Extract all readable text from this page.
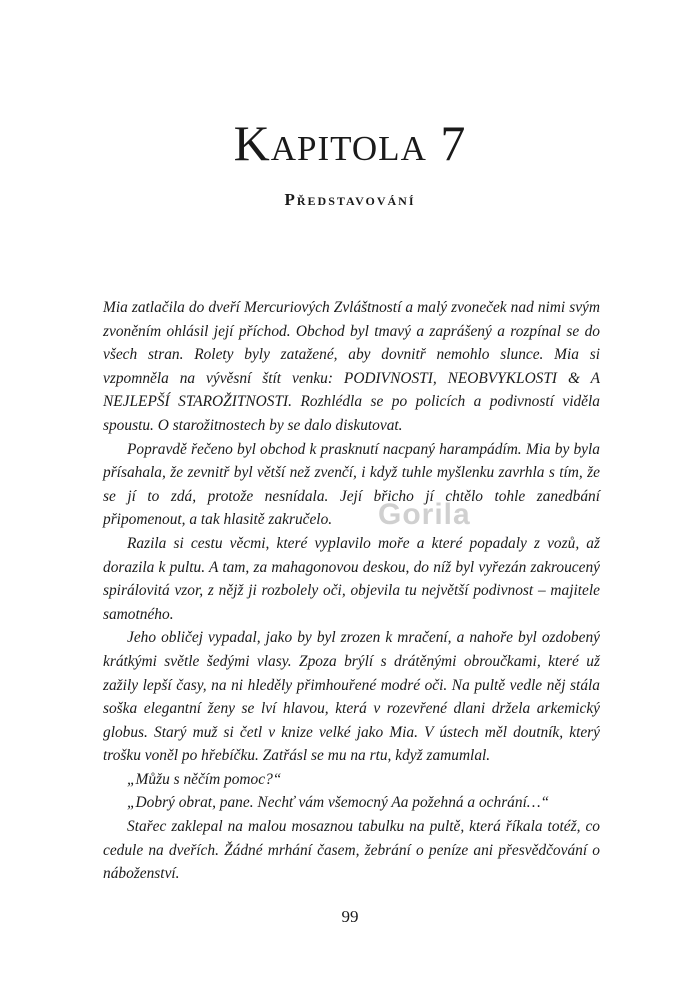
Kapitola 7
Představování

Mia zatlačila do dveří Mercuriových Zvláštností a malý zvoneček nad nimi svým zvoněním ohlásil její příchod. Obchod byl tmavý a zaprášený a rozpínal se do všech stran. Rolety byly zatažené, aby dovnitř nemohlo slunce. Mia si vzpomněla na vývěsní štít venku: PODIVNOSTI, NEOBVYKLOSTI & A NEJLEPŠÍ STAROŽITNOSTI. Rozhlédla se po policích a podivností viděla spoustu. O starožitnostech by se dalo diskutovat.

Popravdě řečeno byl obchod k prasknutí nacpaný harampádím. Mia by byla přísahala, že zevnitř byl větší než zvenčí, i když tuhle myšlenku zavrhla s tím, že se jí to zdá, protože nesnídala. Její břicho jí chtělo tohle zanedbání připomenout, a tak hlasitě zakručelo.

Razila si cestu věcmi, které vyplavilo moře a které popadaly z vozů, až dorazila k pultu. A tam, za mahagonovou deskou, do níž byl vyřezán zakroucený spirálovitá vzor, z nějž ji rozbolely oči, objevila tu největší podivnost – majitele samotného.

Jeho obličej vypadal, jako by byl zrozen k mračení, a nahoře byl ozdobený krátkými světle šedými vlasy. Zpoza brýlí s drátěnými obroučkami, které už zažily lepší časy, na ni hleděly přimhouřené modré oči. Na pultě vedle něj stála soška elegantní ženy se lví hlavou, která v rozevřené dlani držela arkemický globus. Starý muž si četl v knize velké jako Mia. V ústech měl doutník, který trošku voněl po hřebíčku. Zatřásl se mu na rtu, když zamumlal.

„Můžu s něčím pomoc?“

„Dobrý obrat, pane. Nechť vám všemocný Aa požehná a ochrání…“

Stařec zaklepal na malou mosaznou tabulku na pultě, která říkala totéž, co cedule na dveřích. Žádné mrhání časem, žebrání o peníze ani přesvědčování o náboženství.

Gorila
99
